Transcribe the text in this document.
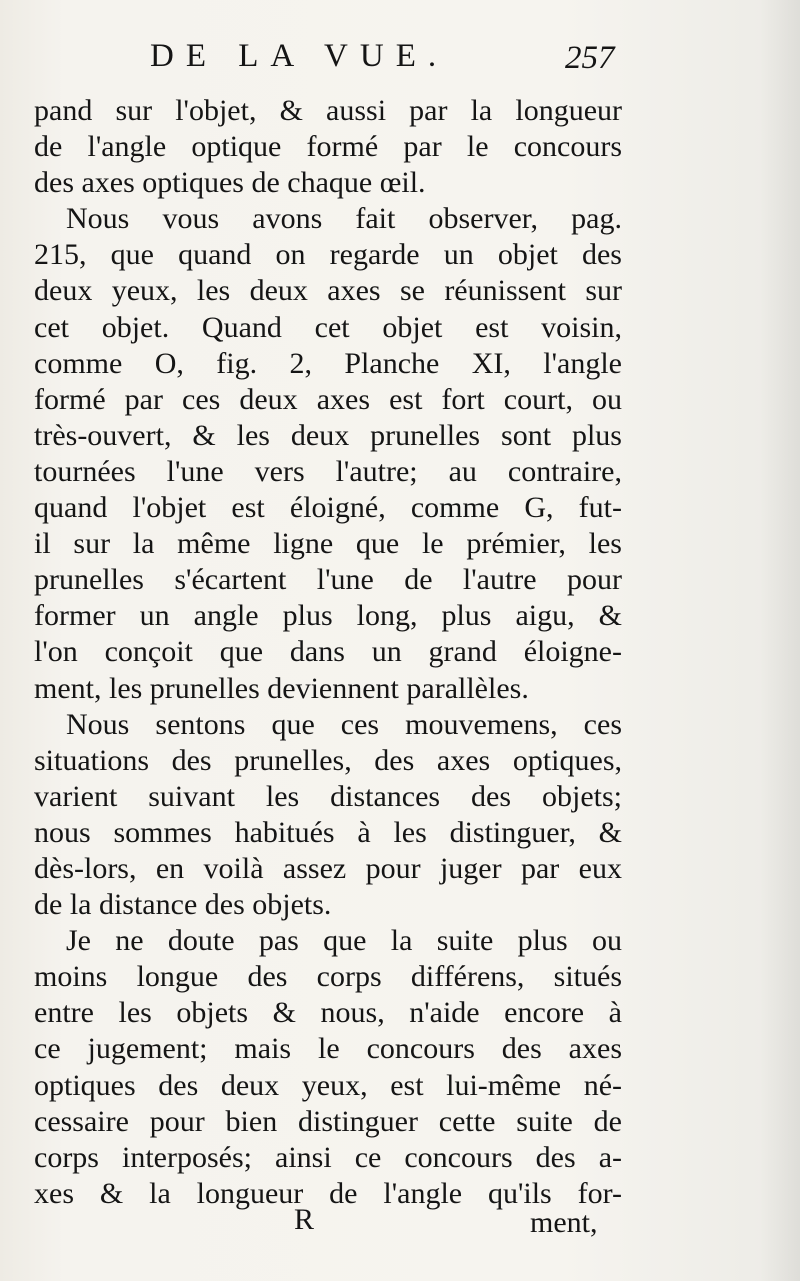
DE LA VUE.	257
pand sur l'objet, & aussi par la longueur
de l'angle optique formé par le concours
des axes optiques de chaque œil.
Nous vous avons fait observer, pag.
215, que quand on regarde un objet des
deux yeux, les deux axes se réunissent sur
cet objet. Quand cet objet est voisin,
comme O, fig. 2, Planche XI, l'angle
formé par ces deux axes est fort court, ou
très-ouvert, & les deux prunelles sont plus
tournées l'une vers l'autre; au contraire,
quand l'objet est éloigné, comme G, fut-
il sur la même ligne que le prémier, les
prunelles s'écartent l'une de l'autre pour
former un angle plus long, plus aigu, &
l'on conçoit que dans un grand éloigne-
ment, les prunelles deviennent parallèles.
Nous sentons que ces mouvemens, ces
situations des prunelles, des axes optiques,
varient suivant les distances des objets;
nous sommes habitués à les distinguer, &
dès-lors, en voilà assez pour juger par eux
de la distance des objets.
Je ne doute pas que la suite plus ou
moins longue des corps différens, situés
entre les objets & nous, n'aide encore à
ce jugement; mais le concours des axes
optiques des deux yeux, est lui-même né-
cessaire pour bien distinguer cette suite de
corps interposés; ainsi ce concours des a-
xes & la longueur de l'angle qu'ils for-
R	ment,
